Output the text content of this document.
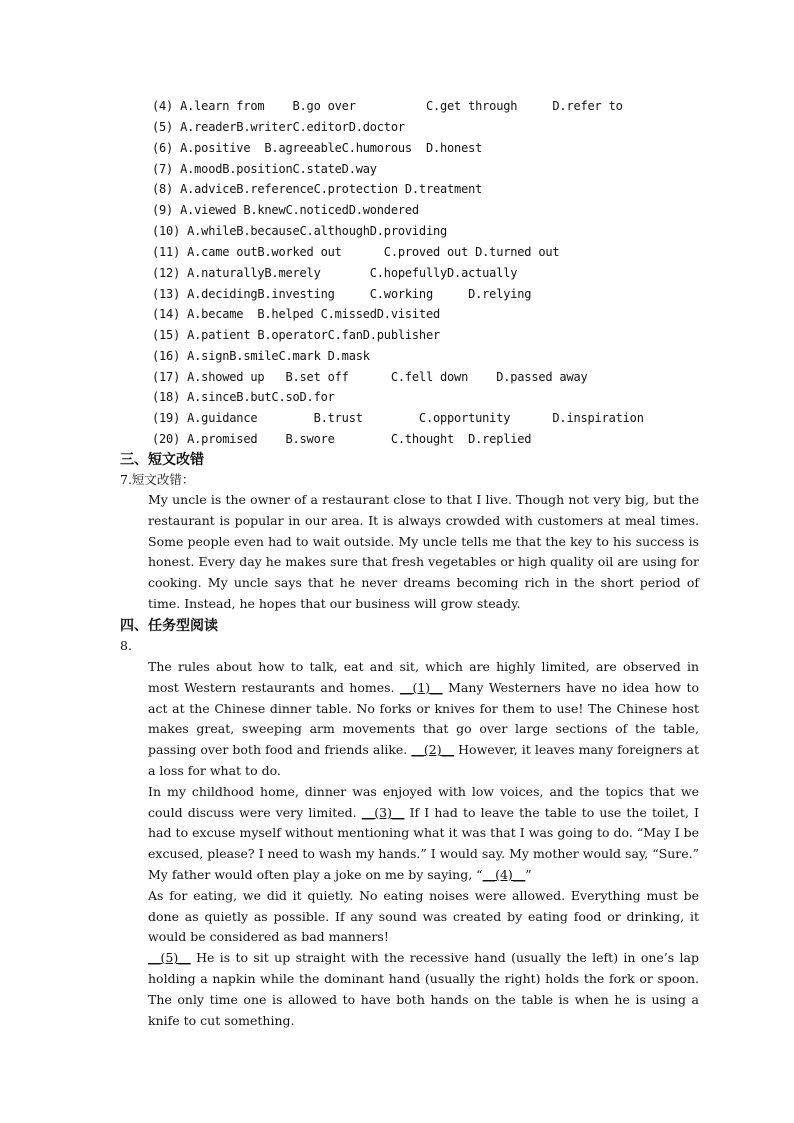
(4) A.learn from    B.go over          C.get through     D.refer to
(5) A.readerB.writerC.editorD.doctor
(6) A.positive  B.agreeableC.humorous  D.honest
(7) A.moodB.positionC.stateD.way
(8) A.adviceB.referenceC.protection D.treatment
(9) A.viewed B.knewC.noticedD.wondered
(10) A.whileB.becauseC.althoughD.providing
(11) A.came outB.worked out      C.proved out D.turned out
(12) A.naturallyB.merely       C.hopefullyD.actually
(13) A.decidingB.investing     C.working     D.relying
(14) A.became  B.helped C.missedD.visited
(15) A.patient B.operatorC.fanD.publisher
(16) A.signB.smileC.mark D.mask
(17) A.showed up   B.set off      C.fell down    D.passed away
(18) A.sinceB.butC.soD.for
(19) A.guidance        B.trust        C.opportunity      D.inspiration
(20) A.promised    B.swore        C.thought  D.replied
三、短文改错
7.短文改错：

My uncle is the owner of a restaurant close to that I live. Though not very big, but the restaurant is popular in our area. It is always crowded with customers at meal times. Some people even had to wait outside. My uncle tells me that the key to his success is honest. Every day he makes sure that fresh vegetables or high quality oil are using for cooking. My uncle says that he never dreams becoming rich in the short period of time. Instead, he hopes that our business will grow steady.

四、任务型阅读
8.

The rules about how to talk, eat and sit, which are highly limited, are observed in most Western restaurants and homes. __(1)__ Many Westerners have no idea how to act at the Chinese dinner table. No forks or knives for them to use! The Chinese host makes great, sweeping arm movements that go over large sections of the table, passing over both food and friends alike. __(2)__ However, it leaves many foreigners at a loss for what to do.

In my childhood home, dinner was enjoyed with low voices, and the topics that we could discuss were very limited. __(3)__ If I had to leave the table to use the toilet, I had to excuse myself without mentioning what it was that I was going to do. “May I be excused, please? I need to wash my hands.” I would say. My mother would say, “Sure.” My father would often play a joke on me by saying, “__(4)__”

As for eating, we did it quietly. No eating noises were allowed. Everything must be done as quietly as possible. If any sound was created by eating food or drinking, it would be considered as bad manners!

__(5)__ He is to sit up straight with the recessive hand (usually the left) in one’s lap holding a napkin while the dominant hand (usually the right) holds the fork or spoon. The only time one is allowed to have both hands on the table is when he is using a knife to cut something.
